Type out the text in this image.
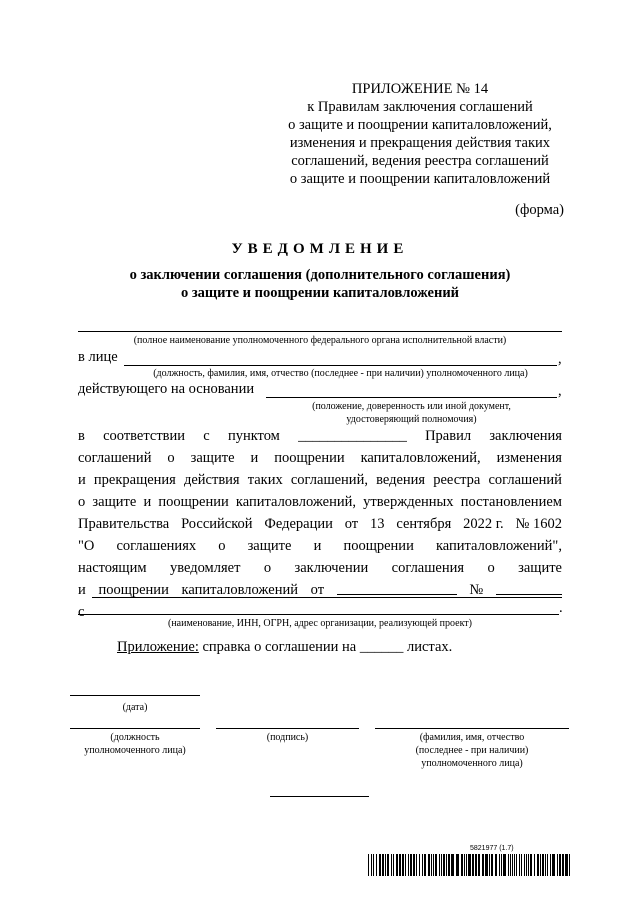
ПРИЛОЖЕНИЕ № 14
к Правилам заключения соглашений
о защите и поощрении капиталовложений,
изменения и прекращения действия таких
соглашений, ведения реестра соглашений
о защите и поощрении капиталовложений
(форма)
УВЕДОМЛЕНИЕ
о заключении соглашения (дополнительного соглашения)
о защите и поощрении капиталовложений
(полное наименование уполномоченного федерального органа исполнительной власти)
в лице	,
(должность, фамилия, имя, отчество (последнее - при наличии) уполномоченного лица)
действующего на основании	,
(положение, доверенность или иной документ,
удостоверяющий полномочия)
в соответствии с пунктом _______________ Правил заключения
соглашений о защите и поощрении капиталовложений, изменения
и прекращения действия таких соглашений, ведения реестра соглашений
о защите и поощрении капиталовложений, утвержденных постановлением
Правительства Российской Федерации от 13 сентября 2022 г. № 1602
"О соглашениях о защите и поощрении капиталовложений",
настоящим уведомляет о заключении соглашения о защите
и поощрении капиталовложений от	№
с	.
(наименование, ИНН, ОГРН, адрес организации, реализующей проект)
Приложение: справка о соглашении на ______ листах.
(дата)
(должность
уполномоченного лица)
(подпись)	(фамилия, имя, отчество
(последнее - при наличии)
уполномоченного лица)
5821977 (1.7)
